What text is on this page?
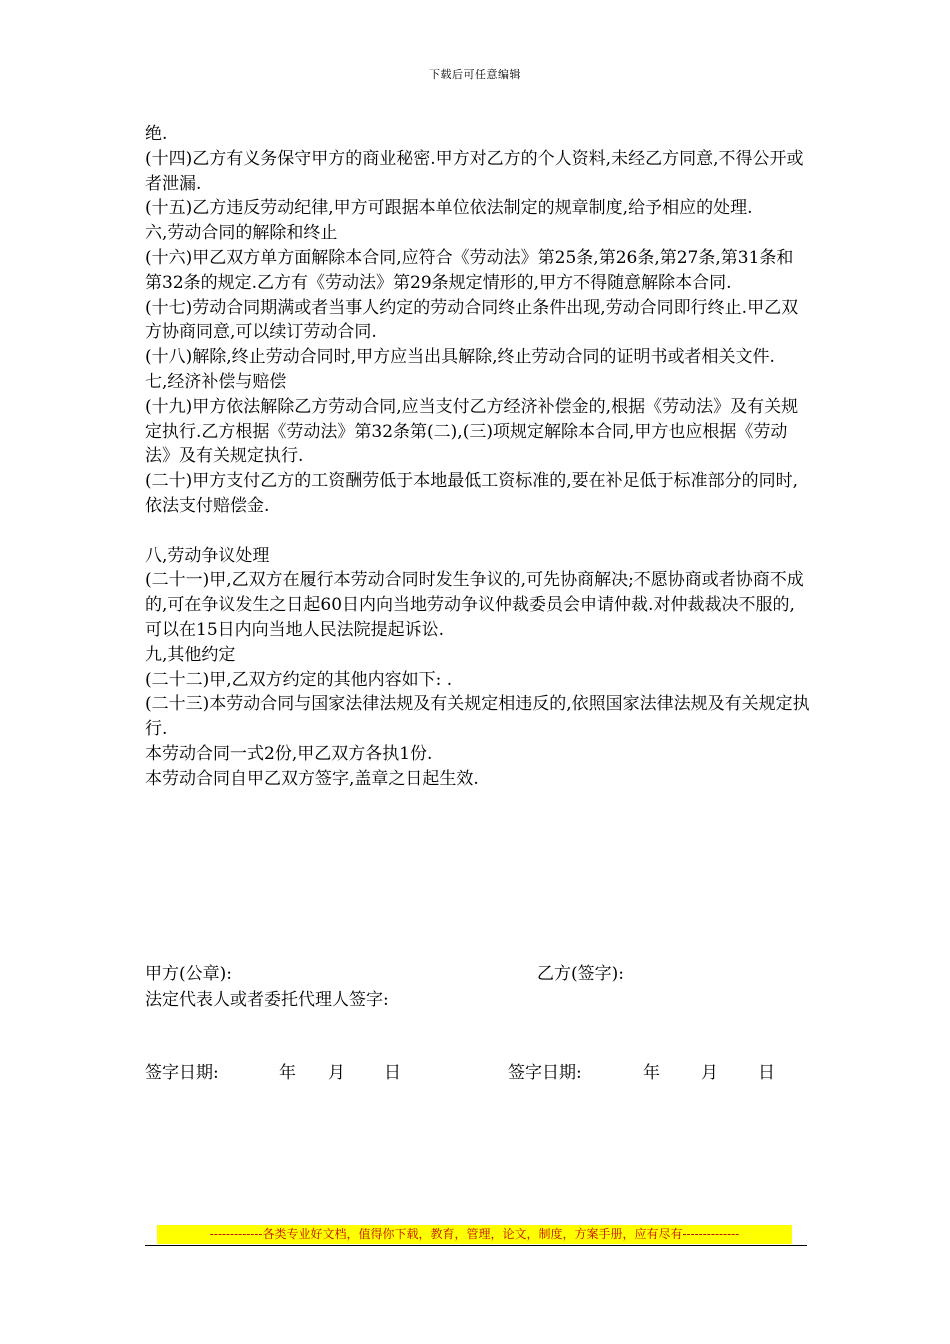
下载后可任意编辑

绝.

(十四)乙方有义务保守甲方的商业秘密.甲方对乙方的个人资料,未经乙方同意,不得公开或者泄漏.

(十五)乙方违反劳动纪律,甲方可跟据本单位依法制定的规章制度,给予相应的处理.

六,劳动合同的解除和终止

(十六)甲乙双方单方面解除本合同,应符合《劳动法》第25条,第26条,第27条,第31条和第32条的规定.乙方有《劳动法》第29条规定情形的,甲方不得随意解除本合同.

(十七)劳动合同期满或者当事人约定的劳动合同终止条件出现,劳动合同即行终止.甲乙双方协商同意,可以续订劳动合同.

(十八)解除,终止劳动合同时,甲方应当出具解除,终止劳动合同的证明书或者相关文件.

七,经济补偿与赔偿

(十九)甲方依法解除乙方劳动合同,应当支付乙方经济补偿金的,根据《劳动法》及有关规定执行.乙方根据《劳动法》第32条第(二),(三)项规定解除本合同,甲方也应根据《劳动法》及有关规定执行.

(二十)甲方支付乙方的工资酬劳低于本地最低工资标准的,要在补足低于标准部分的同时,依法支付赔偿金.

八,劳动争议处理

(二十一)甲,乙双方在履行本劳动合同时发生争议的,可先协商解决;不愿协商或者协商不成的,可在争议发生之日起60日内向当地劳动争议仲裁委员会申请仲裁.对仲裁裁决不服的,可以在15日内向当地人民法院提起诉讼.

九,其他约定

(二十二)甲,乙双方约定的其他内容如下: .

(二十三)本劳动合同与国家法律法规及有关规定相违反的,依照国家法律法规及有关规定执行.

本劳动合同一式2份,甲乙双方各执1份.

本劳动合同自甲乙双方签字,盖章之日起生效.

甲方(公章):	乙方(签字):
法定代表人或者委托代理人签字:
签字日期:	年 月 日	签字日期:	年 月 日
-------------各类专业好文档，值得你下载，教育，管理，论文，制度，方案手册，应有尽有--------------
